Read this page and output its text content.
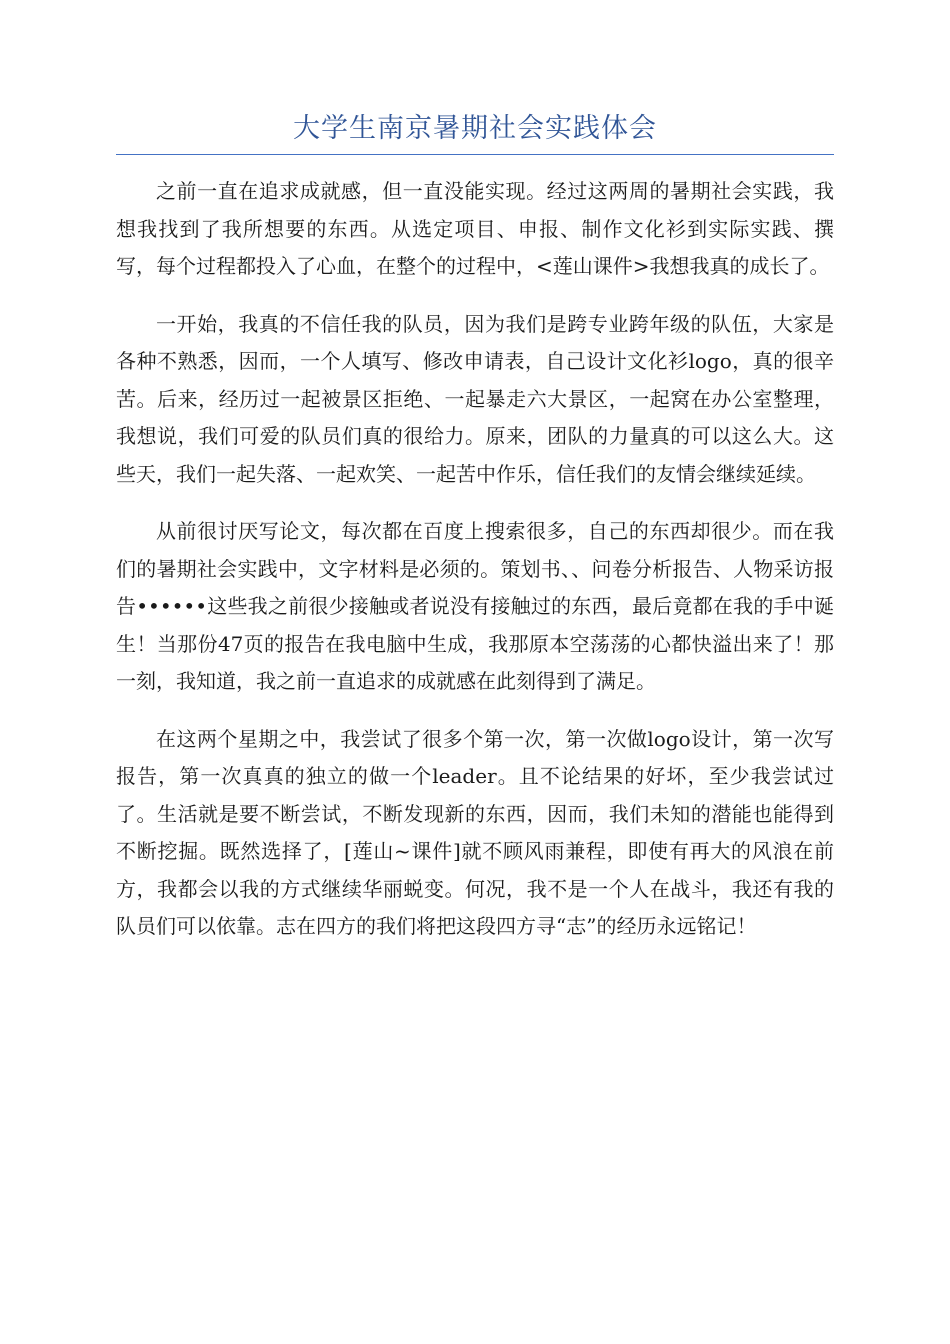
大学生南京暑期社会实践体会

之前一直在追求成就感，但一直没能实现。经过这两周的暑期社会实践，我想我找到了我所想要的东西。从选定项目、申报、制作文化衫到实际实践、撰写，每个过程都投入了心血，在整个的过程中，<莲山课件>我想我真的成长了。

一开始，我真的不信任我的队员，因为我们是跨专业跨年级的队伍，大家是各种不熟悉，因而，一个人填写、修改申请表，自己设计文化衫logo，真的很辛苦。后来，经历过一起被景区拒绝、一起暴走六大景区，一起窝在办公室整理，我想说，我们可爱的队员们真的很给力。原来，团队的力量真的可以这么大。这些天，我们一起失落、一起欢笑、一起苦中作乐，信任我们的友情会继续延续。

从前很讨厌写论文，每次都在百度上搜索很多，自己的东西却很少。而在我们的暑期社会实践中，文字材料是必须的。策划书、、问卷分析报告、人物采访报告••••••这些我之前很少接触或者说没有接触过的东西，最后竟都在我的手中诞生！当那份47页的报告在我电脑中生成，我那原本空荡荡的心都快溢出来了！那一刻，我知道，我之前一直追求的成就感在此刻得到了满足。

在这两个星期之中，我尝试了很多个第一次，第一次做logo设计，第一次写报告，第一次真真的独立的做一个leader。且不论结果的好坏，至少我尝试过了。生活就是要不断尝试，不断发现新的东西，因而，我们未知的潜能也能得到不断挖掘。既然选择了，[莲山~课件]就不顾风雨兼程，即使有再大的风浪在前方，我都会以我的方式继续华丽蜕变。何况，我不是一个人在战斗，我还有我的队员们可以依靠。志在四方的我们将把这段四方寻“志”的经历永远铭记！
